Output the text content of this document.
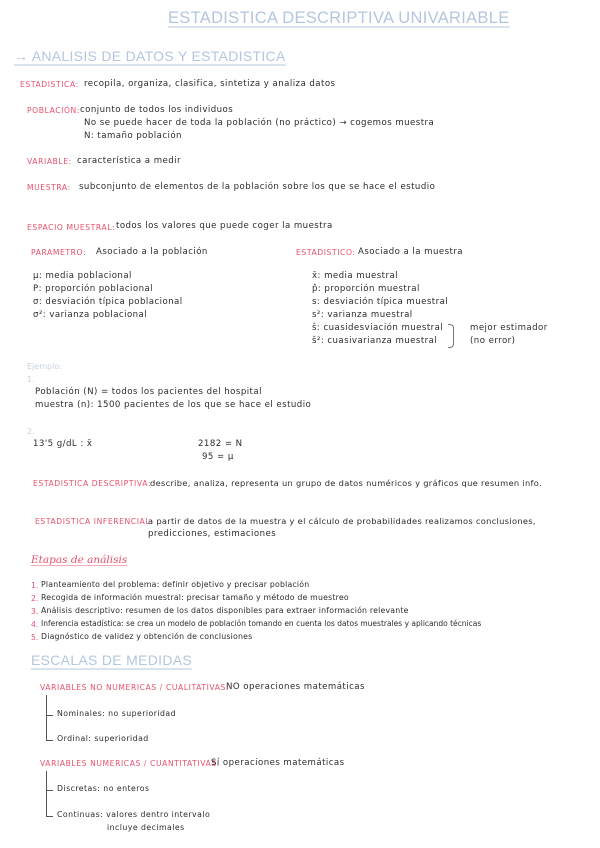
ESTADISTICA DESCRIPTIVA UNIVARIABLE
→ ANALISIS DE DATOS Y ESTADISTICA
ESTADISTICA: recopila, organiza, clasifica, sintetiza y analiza datos
POBLACIÓN: conjunto de todos los individuos
No se puede hacer de toda la población (no práctico) → cogemos muestra
N: tamaño población
VARIABLE: característica a medir
MUESTRA: subconjunto de elementos de la población sobre los que se hace el estudio
ESPACIO MUESTRAL: todos los valores que puede coger la muestra
PARAMETRO: Asociado a la población
μ: media poblacional
P: proporción poblacional
σ: desviación típica poblacional
σ²: varianza poblacional
ESTADISTICO: Asociado a la muestra
x̄: media muestral
p̂: proporción muestral
s: desviación típica muestral
s²: varianza muestral
ŝ: cuasidesviación muestral
ŝ²: cuasivarianza muestral
mejor estimador
(no error)
Ejemplo:
1.
Población (N) = todos los pacientes del hospital
muestra (n): 1500 pacientes de los que se hace el estudio
2.
13'5 g/dL : x̄	2182 = N
95 = μ
ESTADISTICA DESCRIPTIVA:
describe, analiza, representa un grupo de datos numéricos y gráficos que resumen info.
ESTADISTICA INFERENCIAL:
a partir de datos de la muestra y el cálculo de probabilidades realizamos conclusiones,
predicciones, estimaciones
Etapas de análisis
1. Planteamiento del problema: definir objetivo y precisar población
2. Recogida de información muestral: precisar tamaño y método de muestreo
3. Análisis descriptivo: resumen de los datos disponibles para extraer información relevante
4. Inferencia estadística: se crea un modelo de población tomando en cuenta los datos muestrales y aplicando técnicas
5. Diagnóstico de validez y obtención de conclusiones
ESCALAS DE MEDIDAS
VARIABLES NO NUMERICAS / CUALITATIVAS:
NO operaciones matemáticas
Nominales: no superioridad
Ordinal: superioridad
VARIABLES NUMERICAS / CUANTITATIVAS:
Sí operaciones matemáticas
Discretas: no enteros
Continuas: valores dentro intervalo
incluye decimales
